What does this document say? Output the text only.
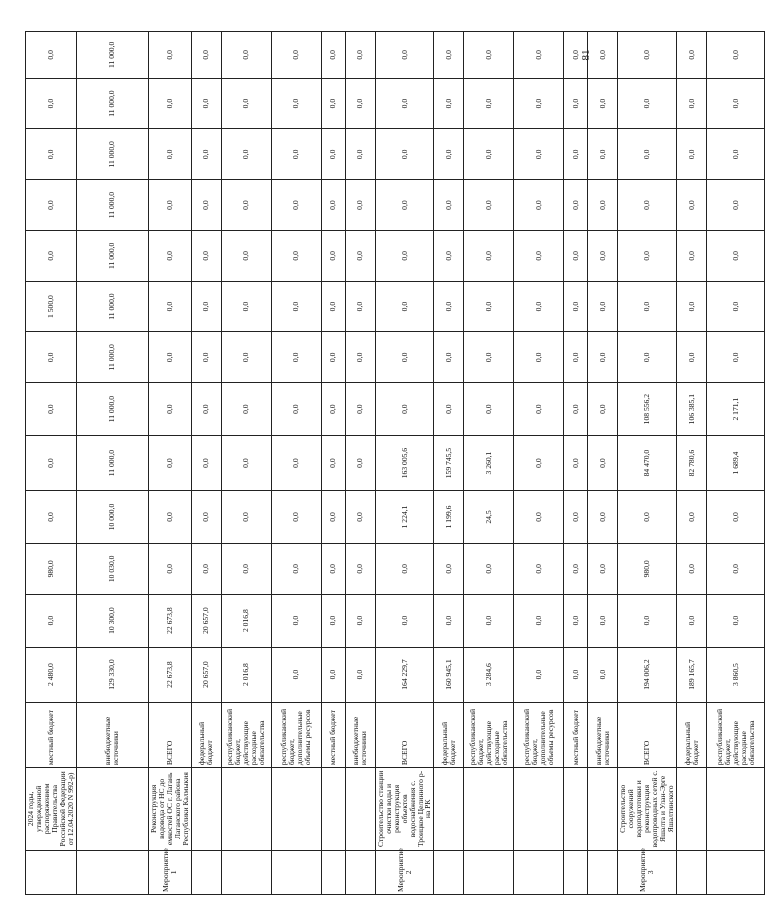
	2024 годы, утвержденной распоряжением Правительства Российской Федерации от 12.04.2020 N 992-р)	местный бюджет	2 480,0	0,0	980,0	0,0	0,0	0,0	0,0	1 500,0	0,0	0,0	0,0	0,0	0,0
		внебюджетные источники	129 330,0	10 300,0	10 030,0	10 000,0	11 000,0	11 000,0	11 000,0	11 000,0	11 000,0	11 000,0	11 000,0	11 000,0	11 000,0
Мероприятие 1	Реконструкция водовода от НС до емкостей ОС г. Лагань Лаганского района Республики Калмыкия	ВСЕГО	22 673,8	22 673,8	0,0	0,0	0,0	0,0	0,0	0,0	0,0	0,0	0,0	0,0	0,0
		федеральный бюджет	20 657,0	20 657,0	0,0	0,0	0,0	0,0	0,0	0,0	0,0	0,0	0,0	0,0	0,0
		республиканский бюджет, действующие расходные обязательства	2 016,8	2 016,8	0,0	0,0	0,0	0,0	0,0	0,0	0,0	0,0	0,0	0,0	0,0
		республиканский бюджет, дополнительные объемы ресурсов	0,0	0,0	0,0	0,0	0,0	0,0	0,0	0,0	0,0	0,0	0,0	0,0	0,0
		местный бюджет	0,0	0,0	0,0	0,0	0,0	0,0	0,0	0,0	0,0	0,0	0,0	0,0	0,0
		внебюджетные источники	0,0	0,0	0,0	0,0	0,0	0,0	0,0	0,0	0,0	0,0	0,0	0,0	0,0
Мероприятие 2	Строительство станции очистки воды и реконструкция объектов водоснабжения с. Троицкое Целинного р-на РК	ВСЕГО	164 229,7	0,0	0,0	1 224,1	163 005,6	0,0	0,0	0,0	0,0	0,0	0,0	0,0	0,0
		федеральный бюджет	160 945,1	0,0	0,0	1 199,6	159 745,5	0,0	0,0	0,0	0,0	0,0	0,0	0,0	0,0
		республиканский бюджет, действующие расходные обязательства	3 284,6	0,0	0,0	24,5	3 260,1	0,0	0,0	0,0	0,0	0,0	0,0	0,0	0,0
		республиканский бюджет, дополнительные объемы ресурсов	0,0	0,0	0,0	0,0	0,0	0,0	0,0	0,0	0,0	0,0	0,0	0,0	0,0
		местный бюджет	0,0	0,0	0,0	0,0	0,0	0,0	0,0	0,0	0,0	0,0	0,0	0,0	0,0
		внебюджетные источники	0,0	0,0	0,0	0,0	0,0	0,0	0,0	0,0	0,0	0,0	0,0	0,0	0,0
Мероприятие 3	Строительство сооружений водоподготовки и реконструкция водопроводных сетей с. Яшалта и Улан-Эрге Яшалтинского	ВСЕГО	194 006,2	0,0	980,0	0,0	84 470,0	108 556,2	0,0	0,0	0,0	0,0	0,0	0,0	0,0
		федеральный бюджет	189 165,7	0,0	0,0	0,0	82 780,6	106 385,1	0,0	0,0	0,0	0,0	0,0	0,0	0,0
		республиканский бюджет, действующие расходные обязательства	3 860,5	0,0	0,0	0,0	1 689,4	2 171,1	0,0	0,0	0,0	0,0	0,0	0,0	0,0
81
